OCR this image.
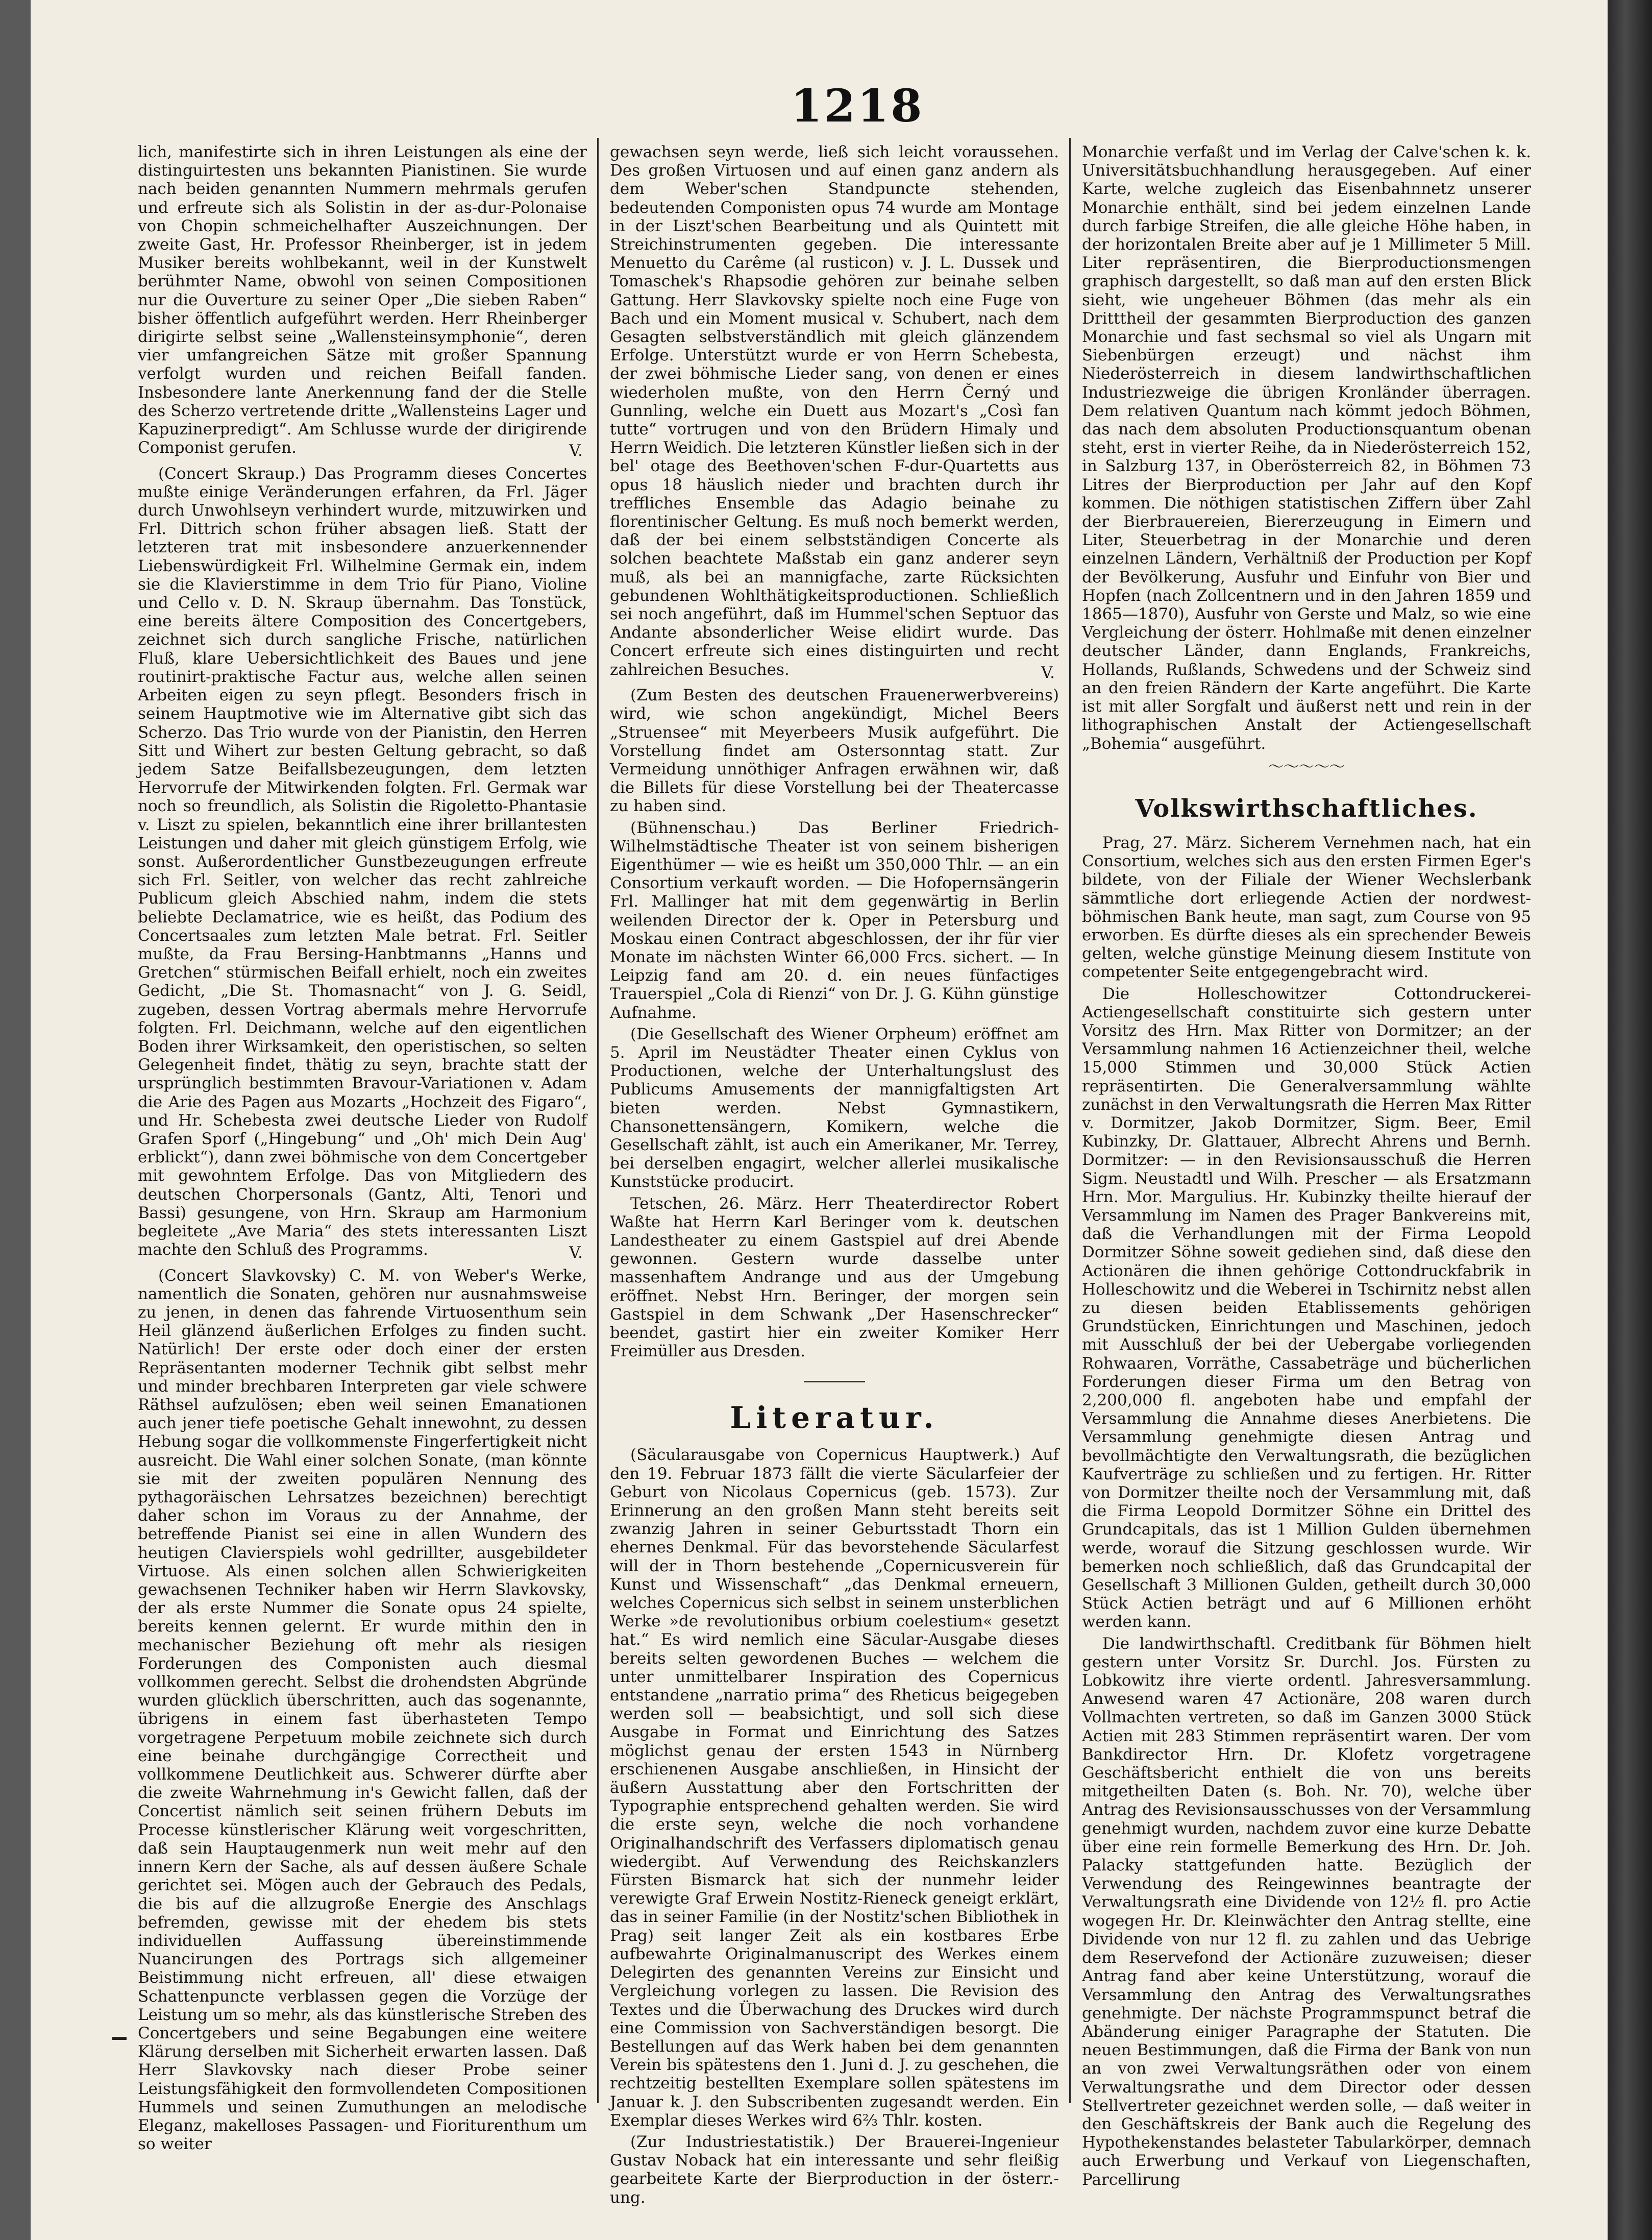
1218

lich, manifestirte sich in ihren Leistungen als eine der distinguirtesten uns bekannten Pianistinen. Sie wurde nach beiden genannten Nummern mehrmals gerufen und erfreute sich als Solistin in der as-dur-Polonaise von Chopin schmeichelhafter Auszeichnungen. Der zweite Gast, Hr. Professor Rheinberger, ist in jedem Musiker bereits wohlbekannt, weil in der Kunstwelt berühmter Name, obwohl von seinen Compositionen nur die Ouverture zu seiner Oper „Die sieben Raben“ bisher öffentlich aufgeführt werden. Herr Rheinberger dirigirte selbst seine „Wallensteinsymphonie“, deren vier umfangreichen Sätze mit großer Spannung verfolgt wurden und reichen Beifall fanden. Insbesondere lante Anerkennung fand der die Stelle des Scherzo vertretende dritte „Wallensteins Lager und Kapuzinerpredigt“. Am Schlusse wurde der dirigirende Componist gerufen.	V.

(Concert Skraup.) Das Programm dieses Concertes mußte einige Veränderungen erfahren, da Frl. Jäger durch Unwohlseyn verhindert wurde, mitzuwirken und Frl. Dittrich schon früher absagen ließ. Statt der letzteren trat mit insbesondere anzuerkennender Liebenswürdigkeit Frl. Wilhelmine Germak ein, indem sie die Klavierstimme in dem Trio für Piano, Violine und Cello v. D. N. Skraup übernahm. Das Tonstück, eine bereits ältere Composition des Concertgebers, zeichnet sich durch sangliche Frische, natürlichen Fluß, klare Uebersichtlichkeit des Baues und jene routinirt-praktische Factur aus, welche allen seinen Arbeiten eigen zu seyn pflegt. Besonders frisch in seinem Hauptmotive wie im Alternative gibt sich das Scherzo. Das Trio wurde von der Pianistin, den Herren Sitt und Wihert zur besten Geltung gebracht, so daß jedem Satze Beifallsbezeugungen, dem letzten Hervorrufe der Mitwirkenden folgten. Frl. Germak war noch so freundlich, als Solistin die Rigoletto-Phantasie v. Liszt zu spielen, bekanntlich eine ihrer brillantesten Leistungen und daher mit gleich günstigem Erfolg, wie sonst. Außerordentlicher Gunstbezeugungen erfreute sich Frl. Seitler, von welcher das recht zahlreiche Publicum gleich Abschied nahm, indem die stets beliebte Declamatrice, wie es heißt, das Podium des Concertsaales zum letzten Male betrat. Frl. Seitler mußte, da Frau Bersing-Hanbtmanns „Hanns und Gretchen“ stürmischen Beifall erhielt, noch ein zweites Gedicht, „Die St. Thomasnacht“ von J. G. Seidl, zugeben, dessen Vortrag abermals mehre Hervorrufe folgten. Frl. Deichmann, welche auf den eigentlichen Boden ihrer Wirksamkeit, den operistischen, so selten Gelegenheit findet, thätig zu seyn, brachte statt der ursprünglich bestimmten Bravour-Variationen v. Adam die Arie des Pagen aus Mozarts „Hochzeit des Figaro“, und Hr. Schebesta zwei deutsche Lieder von Rudolf Grafen Sporf („Hingebung“ und „Oh' mich Dein Aug' erblickt“), dann zwei böhmische von dem Concertgeber mit gewohntem Erfolge. Das von Mitgliedern des deutschen Chorpersonals (Gantz, Alti, Tenori und Bassi) gesungene, von Hrn. Skraup am Harmonium begleitete „Ave Maria“ des stets interessanten Liszt machte den Schluß des Programms.	V.

(Concert Slavkovsky) C. M. von Weber's Werke, namentlich die Sonaten, gehören nur ausnahmsweise zu jenen, in denen das fahrende Virtuosenthum sein Heil glänzend äußerlichen Erfolges zu finden sucht. Natürlich! Der erste oder doch einer der ersten Repräsentanten moderner Technik gibt selbst mehr und minder brechbaren Interpreten gar viele schwere Räthsel aufzulösen; eben weil seinen Emanationen auch jener tiefe poetische Gehalt innewohnt, zu dessen Hebung sogar die vollkommenste Fingerfertigkeit nicht ausreicht. Die Wahl einer solchen Sonate, (man könnte sie mit der zweiten populären Nennung des pythagoräischen Lehrsatzes bezeichnen) berechtigt daher schon im Voraus zu der Annahme, der betreffende Pianist sei eine in allen Wundern des heutigen Clavierspiels wohl gedrillter, ausgebildeter Virtuose. Als einen solchen allen Schwierigkeiten gewachsenen Techniker haben wir Herrn Slavkovsky, der als erste Nummer die Sonate opus 24 spielte, bereits kennen gelernt. Er wurde mithin den in mechanischer Beziehung oft mehr als riesigen Forderungen des Componisten auch diesmal vollkommen gerecht. Selbst die drohendsten Abgründe wurden glücklich überschritten, auch das sogenannte, übrigens in einem fast überhasteten Tempo vorgetragene Perpetuum mobile zeichnete sich durch eine beinahe durchgängige Correctheit und vollkommene Deutlichkeit aus. Schwerer dürfte aber die zweite Wahrnehmung in's Gewicht fallen, daß der Concertist nämlich seit seinen frühern Debuts im Processe künstlerischer Klärung weit vorgeschritten, daß sein Hauptaugenmerk nun weit mehr auf den innern Kern der Sache, als auf dessen äußere Schale gerichtet sei. Mögen auch der Gebrauch des Pedals, die bis auf die allzugroße Energie des Anschlags befremden, gewisse mit der ehedem bis stets individuellen Auffassung übereinstimmende Nuancirungen des Portrags sich allgemeiner Beistimmung nicht erfreuen, all' diese etwaigen Schattenpuncte verblassen gegen die Vorzüge der Leistung um so mehr, als das künstlerische Streben des Concertgebers und seine Begabungen eine weitere Klärung derselben mit Sicherheit erwarten lassen. Daß Herr Slavkovsky nach dieser Probe seiner Leistungsfähigkeit den formvollendeten Compositionen Hummels und seinen Zumuthungen an melodische Eleganz, makelloses Passagen- und Fioriturenthum um so weiter

gewachsen seyn werde, ließ sich leicht voraussehen. Des großen Virtuosen und auf einen ganz andern als dem Weber'schen Standpuncte stehenden, bedeutenden Componisten opus 74 wurde am Montage in der Liszt'schen Bearbeitung und als Quintett mit Streichinstrumenten gegeben. Die interessante Menuetto du Carême (al rusticon) v. J. L. Dussek und Tomaschek's Rhapsodie gehören zur beinahe selben Gattung. Herr Slavkovsky spielte noch eine Fuge von Bach und ein Moment musical v. Schubert, nach dem Gesagten selbstverständlich mit gleich glänzendem Erfolge. Unterstützt wurde er von Herrn Schebesta, der zwei böhmische Lieder sang, von denen er eines wiederholen mußte, von den Herrn Černý und Gunnling, welche ein Duett aus Mozart's „Così fan tutte“ vortrugen und von den Brüdern Himaly und Herrn Weidich. Die letzteren Künstler ließen sich in der bel' otage des Beethoven'schen F-dur-Quartetts aus opus 18 häuslich nieder und brachten durch ihr treffliches Ensemble das Adagio beinahe zu florentinischer Geltung. Es muß noch bemerkt werden, daß der bei einem selbstständigen Concerte als solchen beachtete Maßstab ein ganz anderer seyn muß, als bei an mannigfache, zarte Rücksichten gebundenen Wohlthätigkeitsproductionen. Schließlich sei noch angeführt, daß im Hummel'schen Septuor das Andante absonderlicher Weise elidirt wurde. Das Concert erfreute sich eines distinguirten und recht zahlreichen Besuches.	V.

(Zum Besten des deutschen Frauenerwerbvereins) wird, wie schon angekündigt, Michel Beers „Struensee“ mit Meyerbeers Musik aufgeführt. Die Vorstellung findet am Ostersonntag statt. Zur Vermeidung unnöthiger Anfragen erwähnen wir, daß die Billets für diese Vorstellung bei der Theatercasse zu haben sind.

(Bühnenschau.) Das Berliner Friedrich-Wilhelmstädtische Theater ist von seinem bisherigen Eigenthümer — wie es heißt um 350,000 Thlr. — an ein Consortium verkauft worden. — Die Hofopernsängerin Frl. Mallinger hat mit dem gegenwärtig in Berlin weilenden Director der k. Oper in Petersburg und Moskau einen Contract abgeschlossen, der ihr für vier Monate im nächsten Winter 66,000 Frcs. sichert. — In Leipzig fand am 20. d. ein neues fünfactiges Trauerspiel „Cola di Rienzi“ von Dr. J. G. Kühn günstige Aufnahme.

(Die Gesellschaft des Wiener Orpheum) eröffnet am 5. April im Neustädter Theater einen Cyklus von Productionen, welche der Unterhaltungslust des Publicums Amusements der mannigfaltigsten Art bieten werden. Nebst Gymnastikern, Chansonettensängern, Komikern, welche die Gesellschaft zählt, ist auch ein Amerikaner, Mr. Terrey, bei derselben engagirt, welcher allerlei musikalische Kunststücke producirt.

Tetschen, 26. März. Herr Theaterdirector Robert Waßte hat Herrn Karl Beringer vom k. deutschen Landestheater zu einem Gastspiel auf drei Abende gewonnen. Gestern wurde dasselbe unter massenhaftem Andrange und aus der Umgebung eröffnet. Nebst Hrn. Beringer, der morgen sein Gastspiel in dem Schwank „Der Hasenschrecker“ beendet, gastirt hier ein zweiter Komiker Herr Freimüller aus Dresden.

Literatur.

(Säcularausgabe von Copernicus Hauptwerk.) Auf den 19. Februar 1873 fällt die vierte Säcularfeier der Geburt von Nicolaus Copernicus (geb. 1573). Zur Erinnerung an den großen Mann steht bereits seit zwanzig Jahren in seiner Geburtsstadt Thorn ein ehernes Denkmal. Für das bevorstehende Säcularfest will der in Thorn bestehende „Copernicusverein für Kunst und Wissenschaft“ „das Denkmal erneuern, welches Copernicus sich selbst in seinem unsterblichen Werke »de revolutionibus orbium coelestium« gesetzt hat.“ Es wird nemlich eine Säcular-Ausgabe dieses bereits selten gewordenen Buches — welchem die unter unmittelbarer Inspiration des Copernicus entstandene „narratio prima“ des Rheticus beigegeben werden soll — beabsichtigt, und soll sich diese Ausgabe in Format und Einrichtung des Satzes möglichst genau der ersten 1543 in Nürnberg erschienenen Ausgabe anschließen, in Hinsicht der äußern Ausstattung aber den Fortschritten der Typographie entsprechend gehalten werden. Sie wird die erste seyn, welche die noch vorhandene Originalhandschrift des Verfassers diplomatisch genau wiedergibt. Auf Verwendung des Reichskanzlers Fürsten Bismarck hat sich der nunmehr leider verewigte Graf Erwein Nostitz-Rieneck geneigt erklärt, das in seiner Familie (in der Nostitz'schen Bibliothek in Prag) seit langer Zeit als ein kostbares Erbe aufbewahrte Originalmanuscript des Werkes einem Delegirten des genannten Vereins zur Einsicht und Vergleichung vorlegen zu lassen. Die Revision des Textes und die Überwachung des Druckes wird durch eine Commission von Sachverständigen besorgt. Die Bestellungen auf das Werk haben bei dem genannten Verein bis spätestens den 1. Juni d. J. zu geschehen, die rechtzeitig bestellten Exemplare sollen spätestens im Januar k. J. den Subscribenten zugesandt werden. Ein Exemplar dieses Werkes wird 6⅔ Thlr. kosten.

(Zur Industriestatistik.) Der Brauerei-Ingenieur Gustav Noback hat ein interessante und sehr fleißig gearbeitete Karte der Bierproduction in der österr.-ung.

Monarchie verfaßt und im Verlag der Calve'schen k. k. Universitätsbuchhandlung herausgegeben. Auf einer Karte, welche zugleich das Eisenbahnnetz unserer Monarchie enthält, sind bei jedem einzelnen Lande durch farbige Streifen, die alle gleiche Höhe haben, in der horizontalen Breite aber auf je 1 Millimeter 5 Mill. Liter repräsentiren, die Bierproductionsmengen graphisch dargestellt, so daß man auf den ersten Blick sieht, wie ungeheuer Böhmen (das mehr als ein Dritttheil der gesammten Bierproduction des ganzen Monarchie und fast sechsmal so viel als Ungarn mit Siebenbürgen erzeugt) und nächst ihm Niederösterreich in diesem landwirthschaftlichen Industriezweige die übrigen Kronländer überragen. Dem relativen Quantum nach kömmt jedoch Böhmen, das nach dem absoluten Productionsquantum obenan steht, erst in vierter Reihe, da in Niederösterreich 152, in Salzburg 137, in Oberösterreich 82, in Böhmen 73 Litres der Bierproduction per Jahr auf den Kopf kommen. Die nöthigen statistischen Ziffern über Zahl der Bierbrauereien, Biererzeugung in Eimern und Liter, Steuerbetrag in der Monarchie und deren einzelnen Ländern, Verhältniß der Production per Kopf der Bevölkerung, Ausfuhr und Einfuhr von Bier und Hopfen (nach Zollcentnern und in den Jahren 1859 und 1865—1870), Ausfuhr von Gerste und Malz, so wie eine Vergleichung der österr. Hohlmaße mit denen einzelner deutscher Länder, dann Englands, Frankreichs, Hollands, Rußlands, Schwedens und der Schweiz sind an den freien Rändern der Karte angeführt. Die Karte ist mit aller Sorgfalt und äußerst nett und rein in der lithographischen Anstalt der Actiengesellschaft „Bohemia“ ausgeführt.

～～～～～
Volkswirthschaftliches.

Prag, 27. März. Sicherem Vernehmen nach, hat ein Consortium, welches sich aus den ersten Firmen Eger's bildete, von der Filiale der Wiener Wechslerbank sämmtliche dort erliegende Actien der nordwest-böhmischen Bank heute, man sagt, zum Course von 95 erworben. Es dürfte dieses als ein sprechender Beweis gelten, welche günstige Meinung diesem Institute von competenter Seite entgegengebracht wird.

Die Holleschowitzer Cottondruckerei-Actiengesellschaft constituirte sich gestern unter Vorsitz des Hrn. Max Ritter von Dormitzer; an der Versammlung nahmen 16 Actienzeichner theil, welche 15,000 Stimmen und 30,000 Stück Actien repräsentirten. Die Generalversammlung wählte zunächst in den Verwaltungsrath die Herren Max Ritter v. Dormitzer, Jakob Dormitzer, Sigm. Beer, Emil Kubinzky, Dr. Glattauer, Albrecht Ahrens und Bernh. Dormitzer: — in den Revisionsausschuß die Herren Sigm. Neustadtl und Wilh. Prescher — als Ersatzmann Hrn. Mor. Margulius. Hr. Kubinzky theilte hierauf der Versammlung im Namen des Prager Bankvereins mit, daß die Verhandlungen mit der Firma Leopold Dormitzer Söhne soweit gediehen sind, daß diese den Actionären die ihnen gehörige Cottondruckfabrik in Holleschowitz und die Weberei in Tschirnitz nebst allen zu diesen beiden Etablissements gehörigen Grundstücken, Einrichtungen und Maschinen, jedoch mit Ausschluß der bei der Uebergabe vorliegenden Rohwaaren, Vorräthe, Cassabeträge und bücherlichen Forderungen dieser Firma um den Betrag von 2,200,000 fl. angeboten habe und empfahl der Versammlung die Annahme dieses Anerbietens. Die Versammlung genehmigte diesen Antrag und bevollmächtigte den Verwaltungsrath, die bezüglichen Kaufverträge zu schließen und zu fertigen. Hr. Ritter von Dormitzer theilte noch der Versammlung mit, daß die Firma Leopold Dormitzer Söhne ein Drittel des Grundcapitals, das ist 1 Million Gulden übernehmen werde, worauf die Sitzung geschlossen wurde. Wir bemerken noch schließlich, daß das Grundcapital der Gesellschaft 3 Millionen Gulden, getheilt durch 30,000 Stück Actien beträgt und auf 6 Millionen erhöht werden kann.

Die landwirthschaftl. Creditbank für Böhmen hielt gestern unter Vorsitz Sr. Durchl. Jos. Fürsten zu Lobkowitz ihre vierte ordentl. Jahresversammlung. Anwesend waren 47 Actionäre, 208 waren durch Vollmachten vertreten, so daß im Ganzen 3000 Stück Actien mit 283 Stimmen repräsentirt waren. Der vom Bankdirector Hrn. Dr. Klofetz vorgetragene Geschäftsbericht enthielt die von uns bereits mitgetheilten Daten (s. Boh. Nr. 70), welche über Antrag des Revisionsausschusses von der Versammlung genehmigt wurden, nachdem zuvor eine kurze Debatte über eine rein formelle Bemerkung des Hrn. Dr. Joh. Palacky stattgefunden hatte. Bezüglich der Verwendung des Reingewinnes beantragte der Verwaltungsrath eine Dividende von 12½ fl. pro Actie wogegen Hr. Dr. Kleinwächter den Antrag stellte, eine Dividende von nur 12 fl. zu zahlen und das Uebrige dem Reservefond der Actionäre zuzuweisen; dieser Antrag fand aber keine Unterstützung, worauf die Versammlung den Antrag des Verwaltungsrathes genehmigte. Der nächste Programmspunct betraf die Abänderung einiger Paragraphe der Statuten. Die neuen Bestimmungen, daß die Firma der Bank von nun an von zwei Verwaltungsräthen oder von einem Verwaltungsrathe und dem Director oder dessen Stellvertreter gezeichnet werden solle, — daß weiter in den Geschäftskreis der Bank auch die Regelung des Hypothekenstandes belasteter Tabularkörper, demnach auch Erwerbung und Verkauf von Liegenschaften, Parcellirung
